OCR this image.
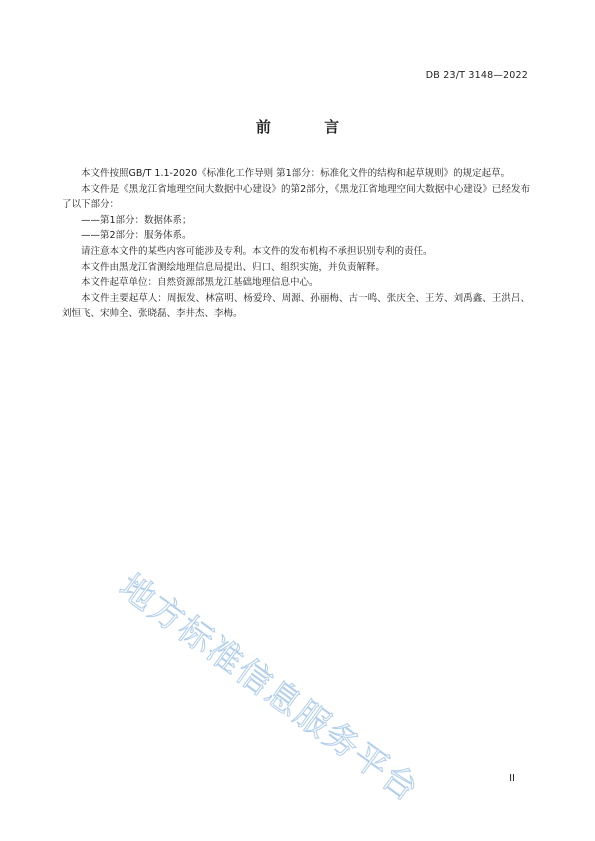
DB 23/T 3148—2022
前 言

本文件按照GB/T 1.1-2020《标准化工作导则 第1部分：标准化文件的结构和起草规则》的规定起草。

本文件是《黑龙江省地理空间大数据中心建设》的第2部分，《黑龙江省地理空间大数据中心建设》已经发布了以下部分：

——第1部分：数据体系；

——第2部分：服务体系。

请注意本文件的某些内容可能涉及专利。本文件的发布机构不承担识别专利的责任。

本文件由黑龙江省测绘地理信息局提出、归口、组织实施，并负责解释。

本文件起草单位：自然资源部黑龙江基础地理信息中心。

本文件主要起草人：周振发、林富明、杨爱玲、周源、孙丽梅、古一鸣、张庆全、王芳、刘禹鑫、王洪吕、刘恒飞、宋帅全、张晓磊、李井杰、李梅。

地方标准信息服务平台	II
